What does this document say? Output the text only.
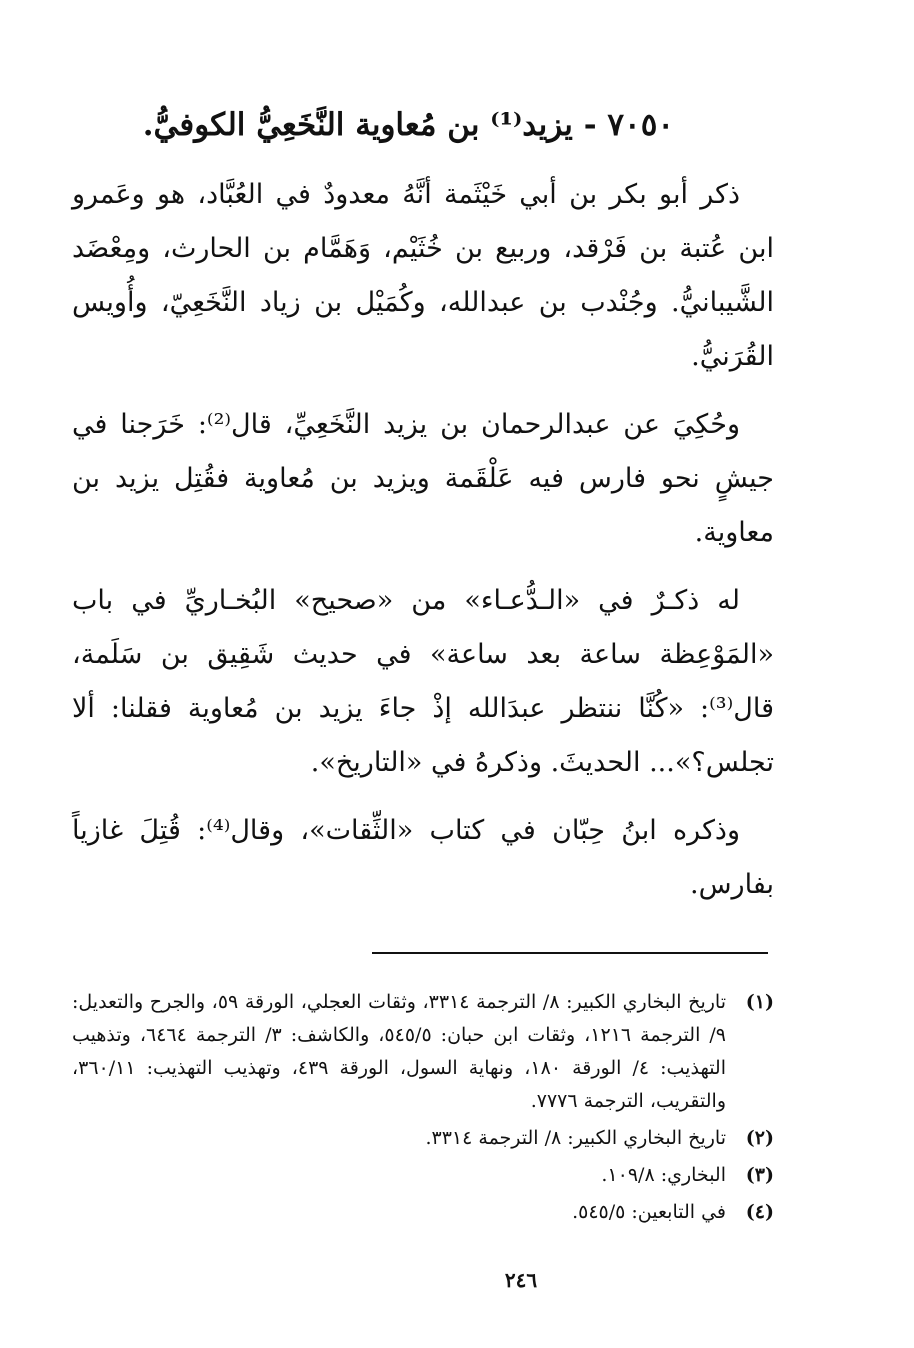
٧٠٥٠ - يزيد⁽¹⁾ بن مُعاوية النَّخَعِيُّ الكوفيُّ.

ذكر أبو بكر بن أبي خَيْثَمة أنَّهُ معدودٌ في العُبَّاد، هو وعَمرو ابن عُتبة بن فَرْقد، وربيع بن خُثَيْم، وَهَمَّام بن الحارث، ومِعْضَد الشَّيبانيُّ. وجُنْدب بن عبدالله، وكُمَيْل بن زياد النَّخَعِيّ، وأُويس القُرَنيُّ.

وحُكِيَ عن عبدالرحمان بن يزيد النَّخَعِيِّ، قال⁽²⁾: خَرَجنا في جيشٍ نحو فارس فيه عَلْقَمة ويزيد بن مُعاوية فقُتِل يزيد بن معاوية.

له ذكـرٌ في «الـدُّعـاء» من «صحيح» البُخـاريِّ في باب «المَوْعِظة ساعة بعد ساعة» في حديث شَقِيق بن سَلَمة، قال⁽³⁾: «كُنَّا ننتظر عبدَالله إذْ جاءَ يزيد بن مُعاوية فقلنا: ألا تجلس؟»... الحديثَ. وذكرهُ في «التاريخ».

وذكره ابنُ حِبّان في كتاب «الثِّقات»، وقال⁽⁴⁾: قُتِلَ غازياً بفارس.

(١)
تاريخ البخاري الكبير: ٨/ الترجمة ٣٣١٤، وثقات العجلي، الورقة ٥٩، والجرح والتعديل: ٩/ الترجمة ١٢١٦، وثقات ابن حبان: ٥٤٥/٥، والكاشف: ٣/ الترجمة ٦٤٦٤، وتذهيب التهذيب: ٤/ الورقة ١٨٠، ونهاية السول، الورقة ٤٣٩، وتهذيب التهذيب: ٣٦٠/١١، والتقريب، الترجمة ٧٧٧٦.
(٢)
تاريخ البخاري الكبير: ٨/ الترجمة ٣٣١٤.
(٣)
البخاري: ١٠٩/٨.
(٤)
في التابعين: ٥٤٥/٥.
٢٤٦
